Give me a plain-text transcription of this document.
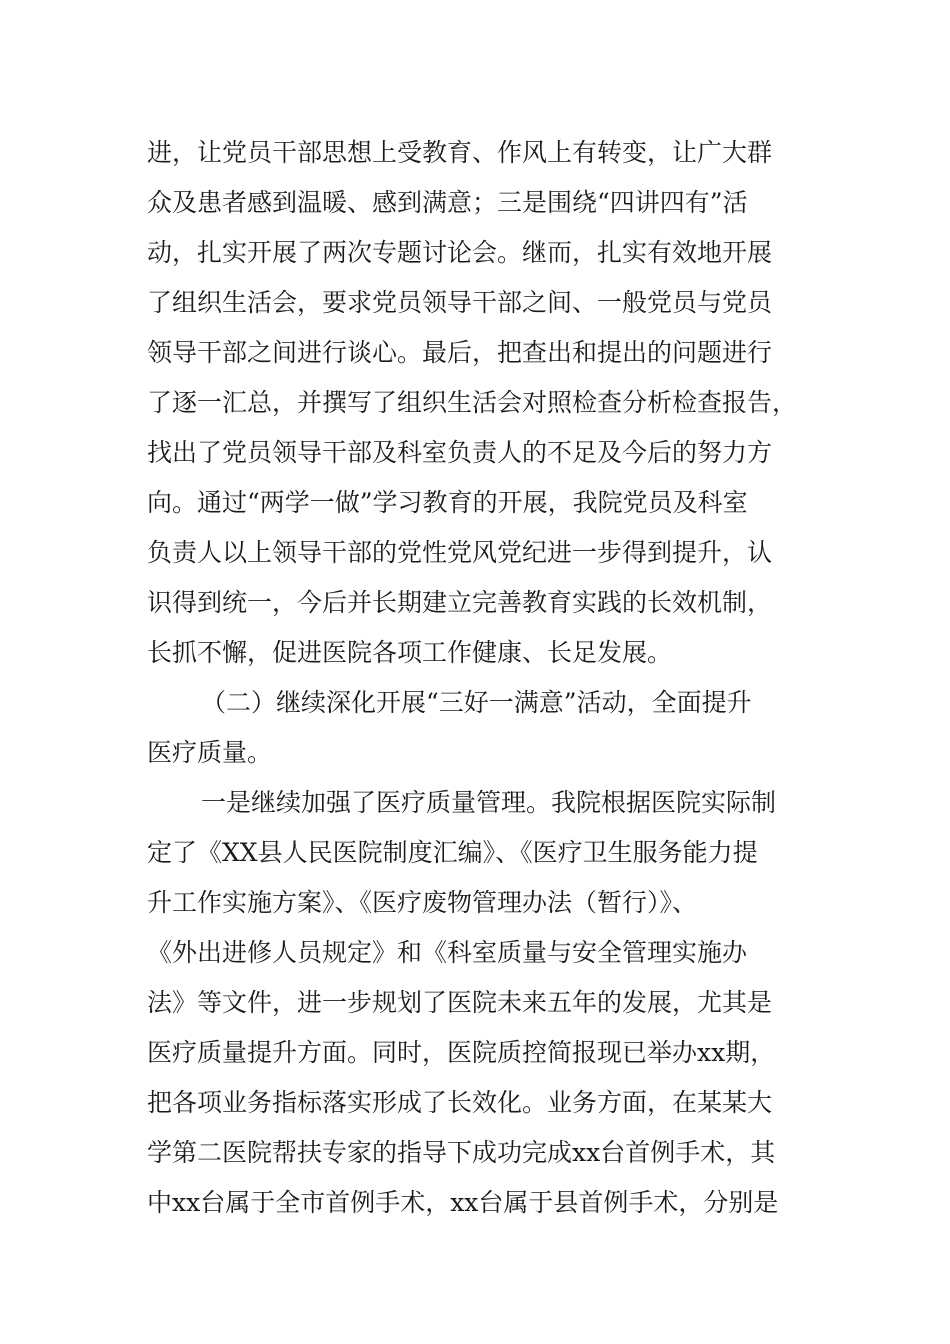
进，让党员干部思想上受教育、作风上有转变，让广大群
众及患者感到温暖、感到满意；三是围绕“四讲四有”活
动，扎实开展了两次专题讨论会。继而，扎实有效地开展
了组织生活会，要求党员领导干部之间、一般党员与党员
领导干部之间进行谈心。最后，把查出和提出的问题进行
了逐一汇总，并撰写了组织生活会对照检查分析检查报告，
找出了党员领导干部及科室负责人的不足及今后的努力方
向。通过“两学一做”学习教育的开展，我院党员及科室
负责人以上领导干部的党性党风党纪进一步得到提升，认
识得到统一，今后并长期建立完善教育实践的长效机制，
长抓不懈，促进医院各项工作健康、长足发展。
（二）继续深化开展“三好一满意”活动，全面提升
医疗质量。
一是继续加强了医疗质量管理。我院根据医院实际制
定了《XX县人民医院制度汇编》、《医疗卫生服务能力提
升工作实施方案》、《医疗废物管理办法（暂行）》、
《外出进修人员规定》和《科室质量与安全管理实施办
法》等文件，进一步规划了医院未来五年的发展，尤其是
医疗质量提升方面。同时，医院质控简报现已举办xx期，
把各项业务指标落实形成了长效化。业务方面，在某某大
学第二医院帮扶专家的指导下成功完成xx台首例手术，其
中xx台属于全市首例手术，xx台属于县首例手术，分别是
